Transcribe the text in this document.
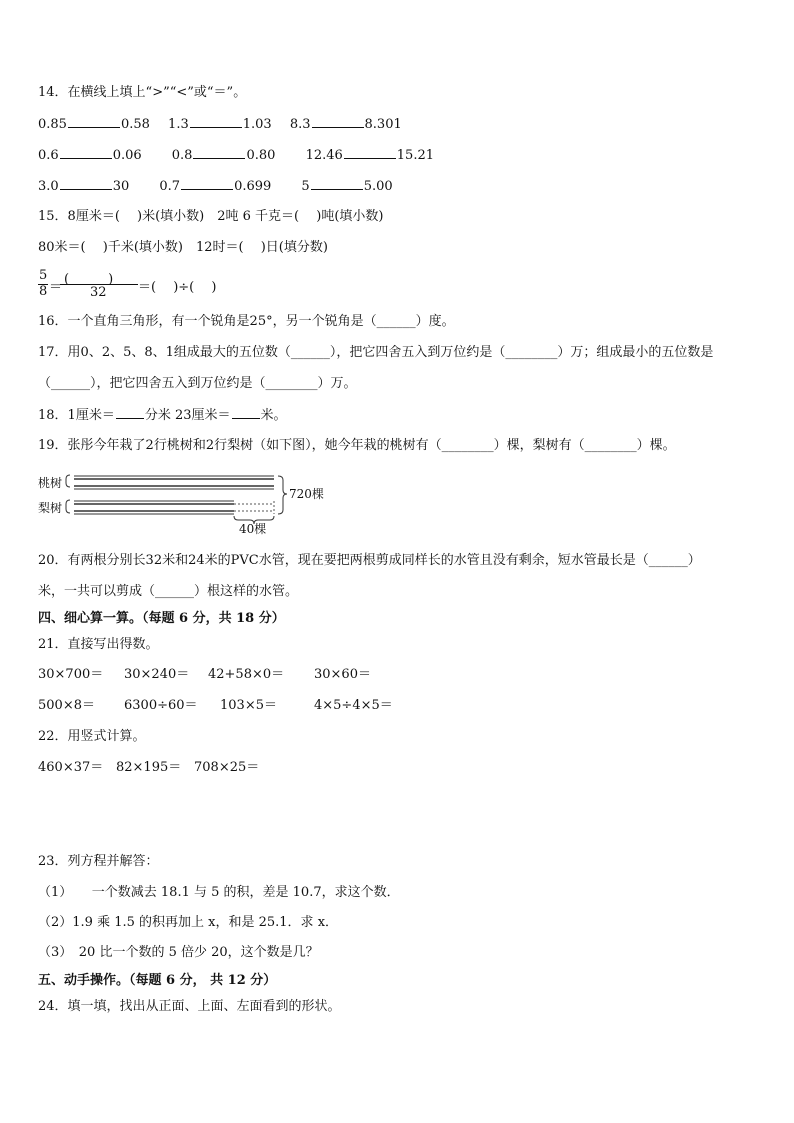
14．在横线上填上“>”“<”或“＝”。
0.85	0.58 1.3	1.03 8.3	8.301
0.6	0.06 0.8	0.80 12.46	15.21
3.0	30 0.7	0.699 5	5.00
15．8厘米＝(　 )米(填小数)　2吨 6 千克＝(　 )吨(填小数)
80米＝(　 )千米(填小数)　12时＝(　 )日(填分数)
5
8 ＝
(　　　)
32 ＝(　 )÷(　 )
16．一个直角三角形，有一个锐角是25°，另一个锐角是（______）度。
17．用0、2、5、8、1组成最大的五位数（______），把它四舍五入到万位约是（________）万；组成最小的五位数是
（______），把它四舍五入到万位约是（________）万。
18．1厘米＝ 分米 23厘米＝ 米。
19．张彤今年栽了2行桃树和2行梨树（如下图），她今年栽的桃树有（________）棵，梨树有（________）棵。
桃树
梨树
720棵
40棵
20．有两根分别长32米和24米的PVC水管，现在要把两根剪成同样长的水管且没有剩余，短水管最长是（______）
米，一共可以剪成（______）根这样的水管。
四、细心算一算。（每题 6 分，共 18 分）
21．直接写出得数。
30×700＝ 30×240＝ 42+58×0＝ 30×60＝
500×8＝ 6300÷60＝ 103×5＝	4×5÷4×5＝
22．用竖式计算。
460×37＝ 82×195＝ 708×25＝
23．列方程并解答：
（1）　　一个数减去 18.1 与 5 的积，差是 10.7，求这个数．
（2）1.9 乘 1.5 的积再加上 x，和是 25.1．求 x．
（3）　20 比一个数的 5 倍少 20，这个数是几？
五、动手操作。（每题 6 分， 共 12 分）
24．填一填，找出从正面、上面、左面看到的形状。
